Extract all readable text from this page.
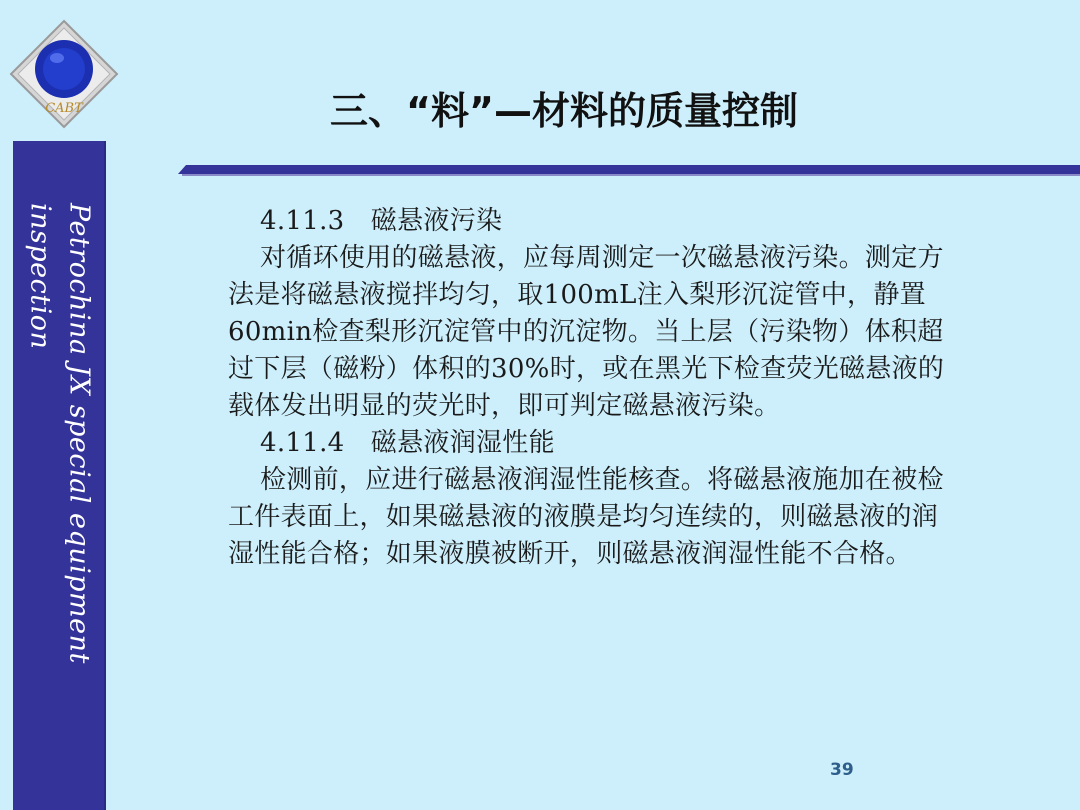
CABT
Petrochina JX special equipment
inspection
三、“料”—材料的质量控制

4.11.3　磁悬液污染

对循环使用的磁悬液，应每周测定一次磁悬液污染。测定方法是将磁悬液搅拌均匀，取100mL注入梨形沉淀管中，静置60min检查梨形沉淀管中的沉淀物。当上层（污染物）体积超过下层（磁粉）体积的30%时，或在黑光下检查荧光磁悬液的载体发出明显的荧光时，即可判定磁悬液污染。

4.11.4　磁悬液润湿性能

检测前，应进行磁悬液润湿性能核查。将磁悬液施加在被检工件表面上，如果磁悬液的液膜是均匀连续的，则磁悬液的润湿性能合格；如果液膜被断开，则磁悬液润湿性能不合格。

39
